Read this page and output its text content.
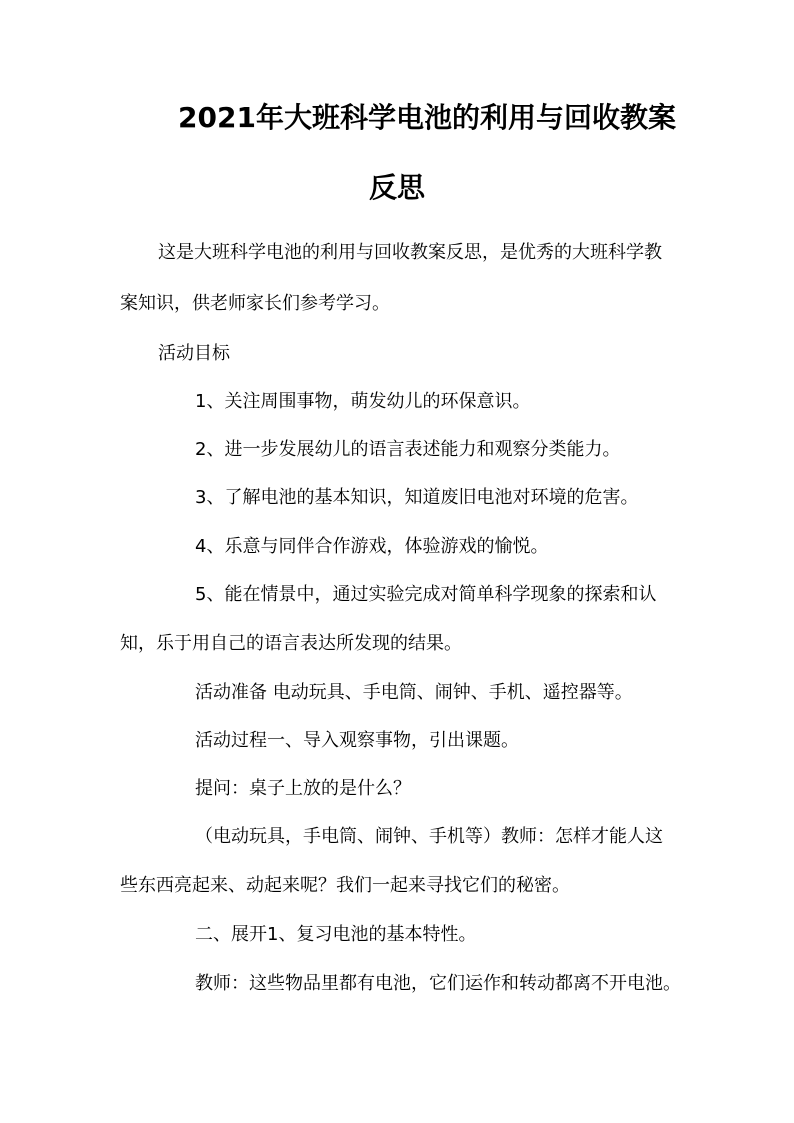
2021年大班科学电池的利用与回收教案
反思
这是大班科学电池的利用与回收教案反思，是优秀的大班科学教
案知识，供老师家长们参考学习。
活动目标
1、关注周围事物，萌发幼儿的环保意识。
2、进一步发展幼儿的语言表述能力和观察分类能力。
3、了解电池的基本知识，知道废旧电池对环境的危害。
4、乐意与同伴合作游戏，体验游戏的愉悦。
5、能在情景中，通过实验完成对简单科学现象的探索和认
知，乐于用自己的语言表达所发现的结果。
活动准备 电动玩具、手电筒、闹钟、手机、遥控器等。
活动过程一、导入观察事物，引出课题。
提问：桌子上放的是什么？
（电动玩具，手电筒、闹钟、手机等）教师：怎样才能人这
些东西亮起来、动起来呢？我们一起来寻找它们的秘密。
二、展开1、复习电池的基本特性。
教师：这些物品里都有电池，它们运作和转动都离不开电池。
